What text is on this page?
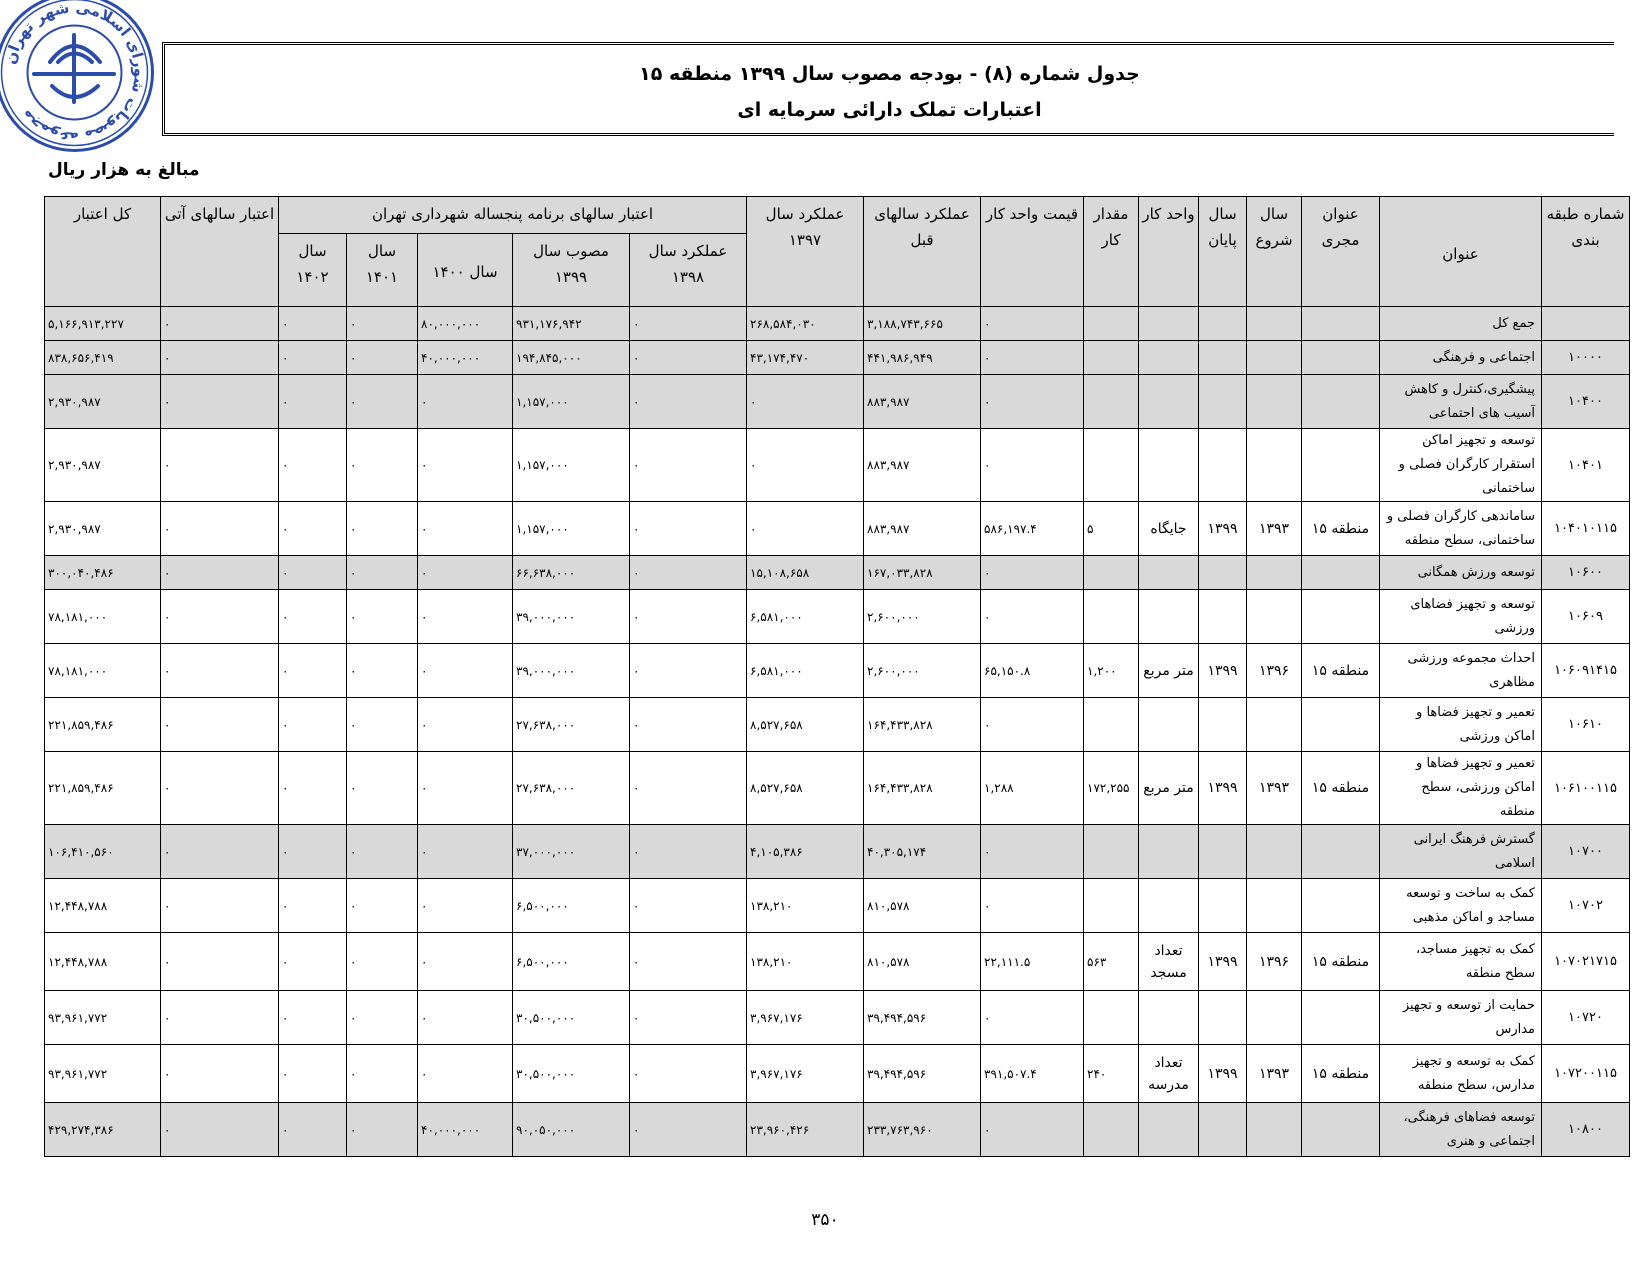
مجموعه مصوبات شورای اسلامی شهر تهران
جدول شماره (۸) - بودجه مصوب سال ۱۳۹۹ منطقه ۱۵
اعتبارات تملک دارائی سرمایه ای
مبالغ به هزار ریال
شماره طبقه بندی	عنوان	عنوان مجری	سال شروع	سال پایان	واحد کار	مقدار کار	قیمت واحد کار	عملکرد سالهای قبل	عملکرد سال ۱۳۹۷	اعتبار سالهای برنامه پنجساله شهرداری تهران					اعتبار سالهای آتی	کل اعتبار
										عملکرد سال ۱۳۹۸	مصوب سال ۱۳۹۹	سال ۱۴۰۰	سال ۱۴۰۱	سال ۱۴۰۲		
	جمع کل						۰	۳,۱۸۸,۷۴۳,۶۶۵	۲۶۸,۵۸۴,۰۳۰	۰	۹۳۱,۱۷۶,۹۴۲	۸۰,۰۰۰,۰۰۰	۰	۰	۰	۵,۱۶۶,۹۱۳,۲۲۷
۱۰۰۰۰	اجتماعی و فرهنگی						۰	۴۴۱,۹۸۶,۹۴۹	۴۳,۱۷۴,۴۷۰	۰	۱۹۴,۸۴۵,۰۰۰	۴۰,۰۰۰,۰۰۰	۰	۰	۰	۸۳۸,۶۵۶,۴۱۹
۱۰۴۰۰	پیشگیری،کنترل و کاهش آسیب های اجتماعی						۰	۸۸۳,۹۸۷	۰	۰	۱,۱۵۷,۰۰۰	۰	۰	۰	۰	۲,۹۳۰,۹۸۷
۱۰۴۰۱	توسعه و تجهیز اماکن استقرار کارگران فصلی و ساختمانی						۰	۸۸۳,۹۸۷	۰	۰	۱,۱۵۷,۰۰۰	۰	۰	۰	۰	۲,۹۳۰,۹۸۷
۱۰۴۰۱۰۱۱۵	ساماندهی کارگران فصلی و ساختمانی، سطح منطقه	منطقه ۱۵	۱۳۹۳	۱۳۹۹	جایگاه	۵	۵۸۶,۱۹۷.۴	۸۸۳,۹۸۷	۰	۰	۱,۱۵۷,۰۰۰	۰	۰	۰	۰	۲,۹۳۰,۹۸۷
۱۰۶۰۰	توسعه ورزش همگانی						۰	۱۶۷,۰۳۳,۸۲۸	۱۵,۱۰۸,۶۵۸	۰	۶۶,۶۳۸,۰۰۰	۰	۰	۰	۰	۳۰۰,۰۴۰,۴۸۶
۱۰۶۰۹	توسعه و تجهیز فضاهای ورزشی						۰	۲,۶۰۰,۰۰۰	۶,۵۸۱,۰۰۰	۰	۳۹,۰۰۰,۰۰۰	۰	۰	۰	۰	۷۸,۱۸۱,۰۰۰
۱۰۶۰۹۱۴۱۵	احداث مجموعه ورزشی مظاهری	منطقه ۱۵	۱۳۹۶	۱۳۹۹	متر مربع	۱,۲۰۰	۶۵,۱۵۰.۸	۲,۶۰۰,۰۰۰	۶,۵۸۱,۰۰۰	۰	۳۹,۰۰۰,۰۰۰	۰	۰	۰	۰	۷۸,۱۸۱,۰۰۰
۱۰۶۱۰	تعمیر و تجهیز فضاها و اماکن ورزشی						۰	۱۶۴,۴۳۳,۸۲۸	۸,۵۲۷,۶۵۸	۰	۲۷,۶۳۸,۰۰۰	۰	۰	۰	۰	۲۲۱,۸۵۹,۴۸۶
۱۰۶۱۰۰۱۱۵	تعمیر و تجهیز فضاها و اماکن ورزشی، سطح منطقه	منطقه ۱۵	۱۳۹۳	۱۳۹۹	متر مربع	۱۷۲,۲۵۵	۱,۲۸۸	۱۶۴,۴۳۳,۸۲۸	۸,۵۲۷,۶۵۸	۰	۲۷,۶۳۸,۰۰۰	۰	۰	۰	۰	۲۲۱,۸۵۹,۴۸۶
۱۰۷۰۰	گسترش فرهنگ ایرانی اسلامی						۰	۴۰,۳۰۵,۱۷۴	۴,۱۰۵,۳۸۶	۰	۳۷,۰۰۰,۰۰۰	۰	۰	۰	۰	۱۰۶,۴۱۰,۵۶۰
۱۰۷۰۲	کمک به ساخت و توسعه مساجد و اماکن مذهبی						۰	۸۱۰,۵۷۸	۱۳۸,۲۱۰	۰	۶,۵۰۰,۰۰۰	۰	۰	۰	۰	۱۲,۴۴۸,۷۸۸
۱۰۷۰۲۱۷۱۵	کمک به تجهیز مساجد، سطح منطقه	منطقه ۱۵	۱۳۹۶	۱۳۹۹	تعداد مسجد	۵۶۳	۲۲,۱۱۱.۵	۸۱۰,۵۷۸	۱۳۸,۲۱۰	۰	۶,۵۰۰,۰۰۰	۰	۰	۰	۰	۱۲,۴۴۸,۷۸۸
۱۰۷۲۰	حمایت از توسعه و تجهیز مدارس						۰	۳۹,۴۹۴,۵۹۶	۳,۹۶۷,۱۷۶	۰	۳۰,۵۰۰,۰۰۰	۰	۰	۰	۰	۹۳,۹۶۱,۷۷۲
۱۰۷۲۰۰۱۱۵	کمک به توسعه و تجهیز مدارس، سطح منطقه	منطقه ۱۵	۱۳۹۳	۱۳۹۹	تعداد مدرسه	۲۴۰	۳۹۱,۵۰۷.۴	۳۹,۴۹۴,۵۹۶	۳,۹۶۷,۱۷۶	۰	۳۰,۵۰۰,۰۰۰	۰	۰	۰	۰	۹۳,۹۶۱,۷۷۲
۱۰۸۰۰	توسعه فضاهای فرهنگی، اجتماعی و هنری						۰	۲۳۳,۷۶۳,۹۶۰	۲۳,۹۶۰,۴۲۶	۰	۹۰,۰۵۰,۰۰۰	۴۰,۰۰۰,۰۰۰	۰	۰	۰	۴۲۹,۲۷۴,۳۸۶
۳۵۰
